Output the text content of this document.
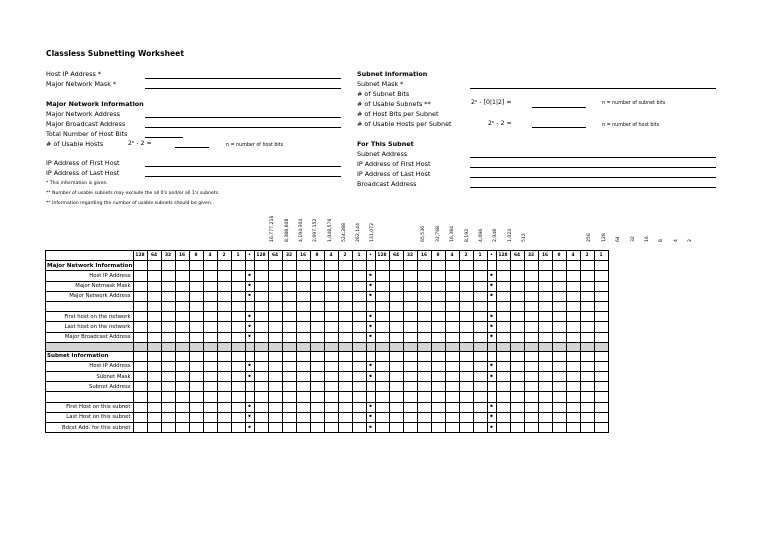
Classless Subnetting Worksheet
Host IP Address *
Major Network Mask *
Major Network Information
Major Network Address
Major Broadcast Address
Total Number of Host Bits
# of Usable Hosts	2ⁿ - 2 =	n = number of host bits
IP Address of First Host
IP Address of Last Host
Subnet Information
Subnet Mask *
# of Subnet Bits
# of Usable Subnets **	2ⁿ - [0|1|2] =	n = number of subnet bits
# of Host Bits per Subnet
# of Usable Hosts per Subnet	2ⁿ - 2 =	n = number of host bits
For This Subnet
Subnet Address
IP Address of First Host
IP Address of Last Host
Broadcast Address
* This information is given.
** Number of usable subnets may exclude the all 0's and/or all 1's subnets.
** Information regarding the number of usable subnets should be given.
16,777,216 8,388,608 4,194,304 2,097,152 1,048,576 524,288 262,144 131,072	65,536 32,768 16,384 8,192 4,096 2,048 1,024 512	256 128 64 32 16 8 4 2
	128	64	32	16	8	4	2	1	•	128	64	32	16	8	4	2	1	•	128	64	32	16	8	4	2	1	•	128	64	32	16	8	4	2	1
Major Network Information																																			
Host IP Address									•									•									•								
Major Netmask Mask									•									•									•								
Major Network Address									•									•									•								

First host on the network									•									•									•								
Last host on the network									•									•									•								
Major Broadcast Address									•									•									•								

Subnet Information																																			
Host IP Address									•									•									•								
Subnet Mask									•									•									•								
Subnet Address																																			

First Host on this subnet									•									•									•								
Last Host on this subnet									•									•									•								
Bdcst Add. for this subnet									•									•									•								
